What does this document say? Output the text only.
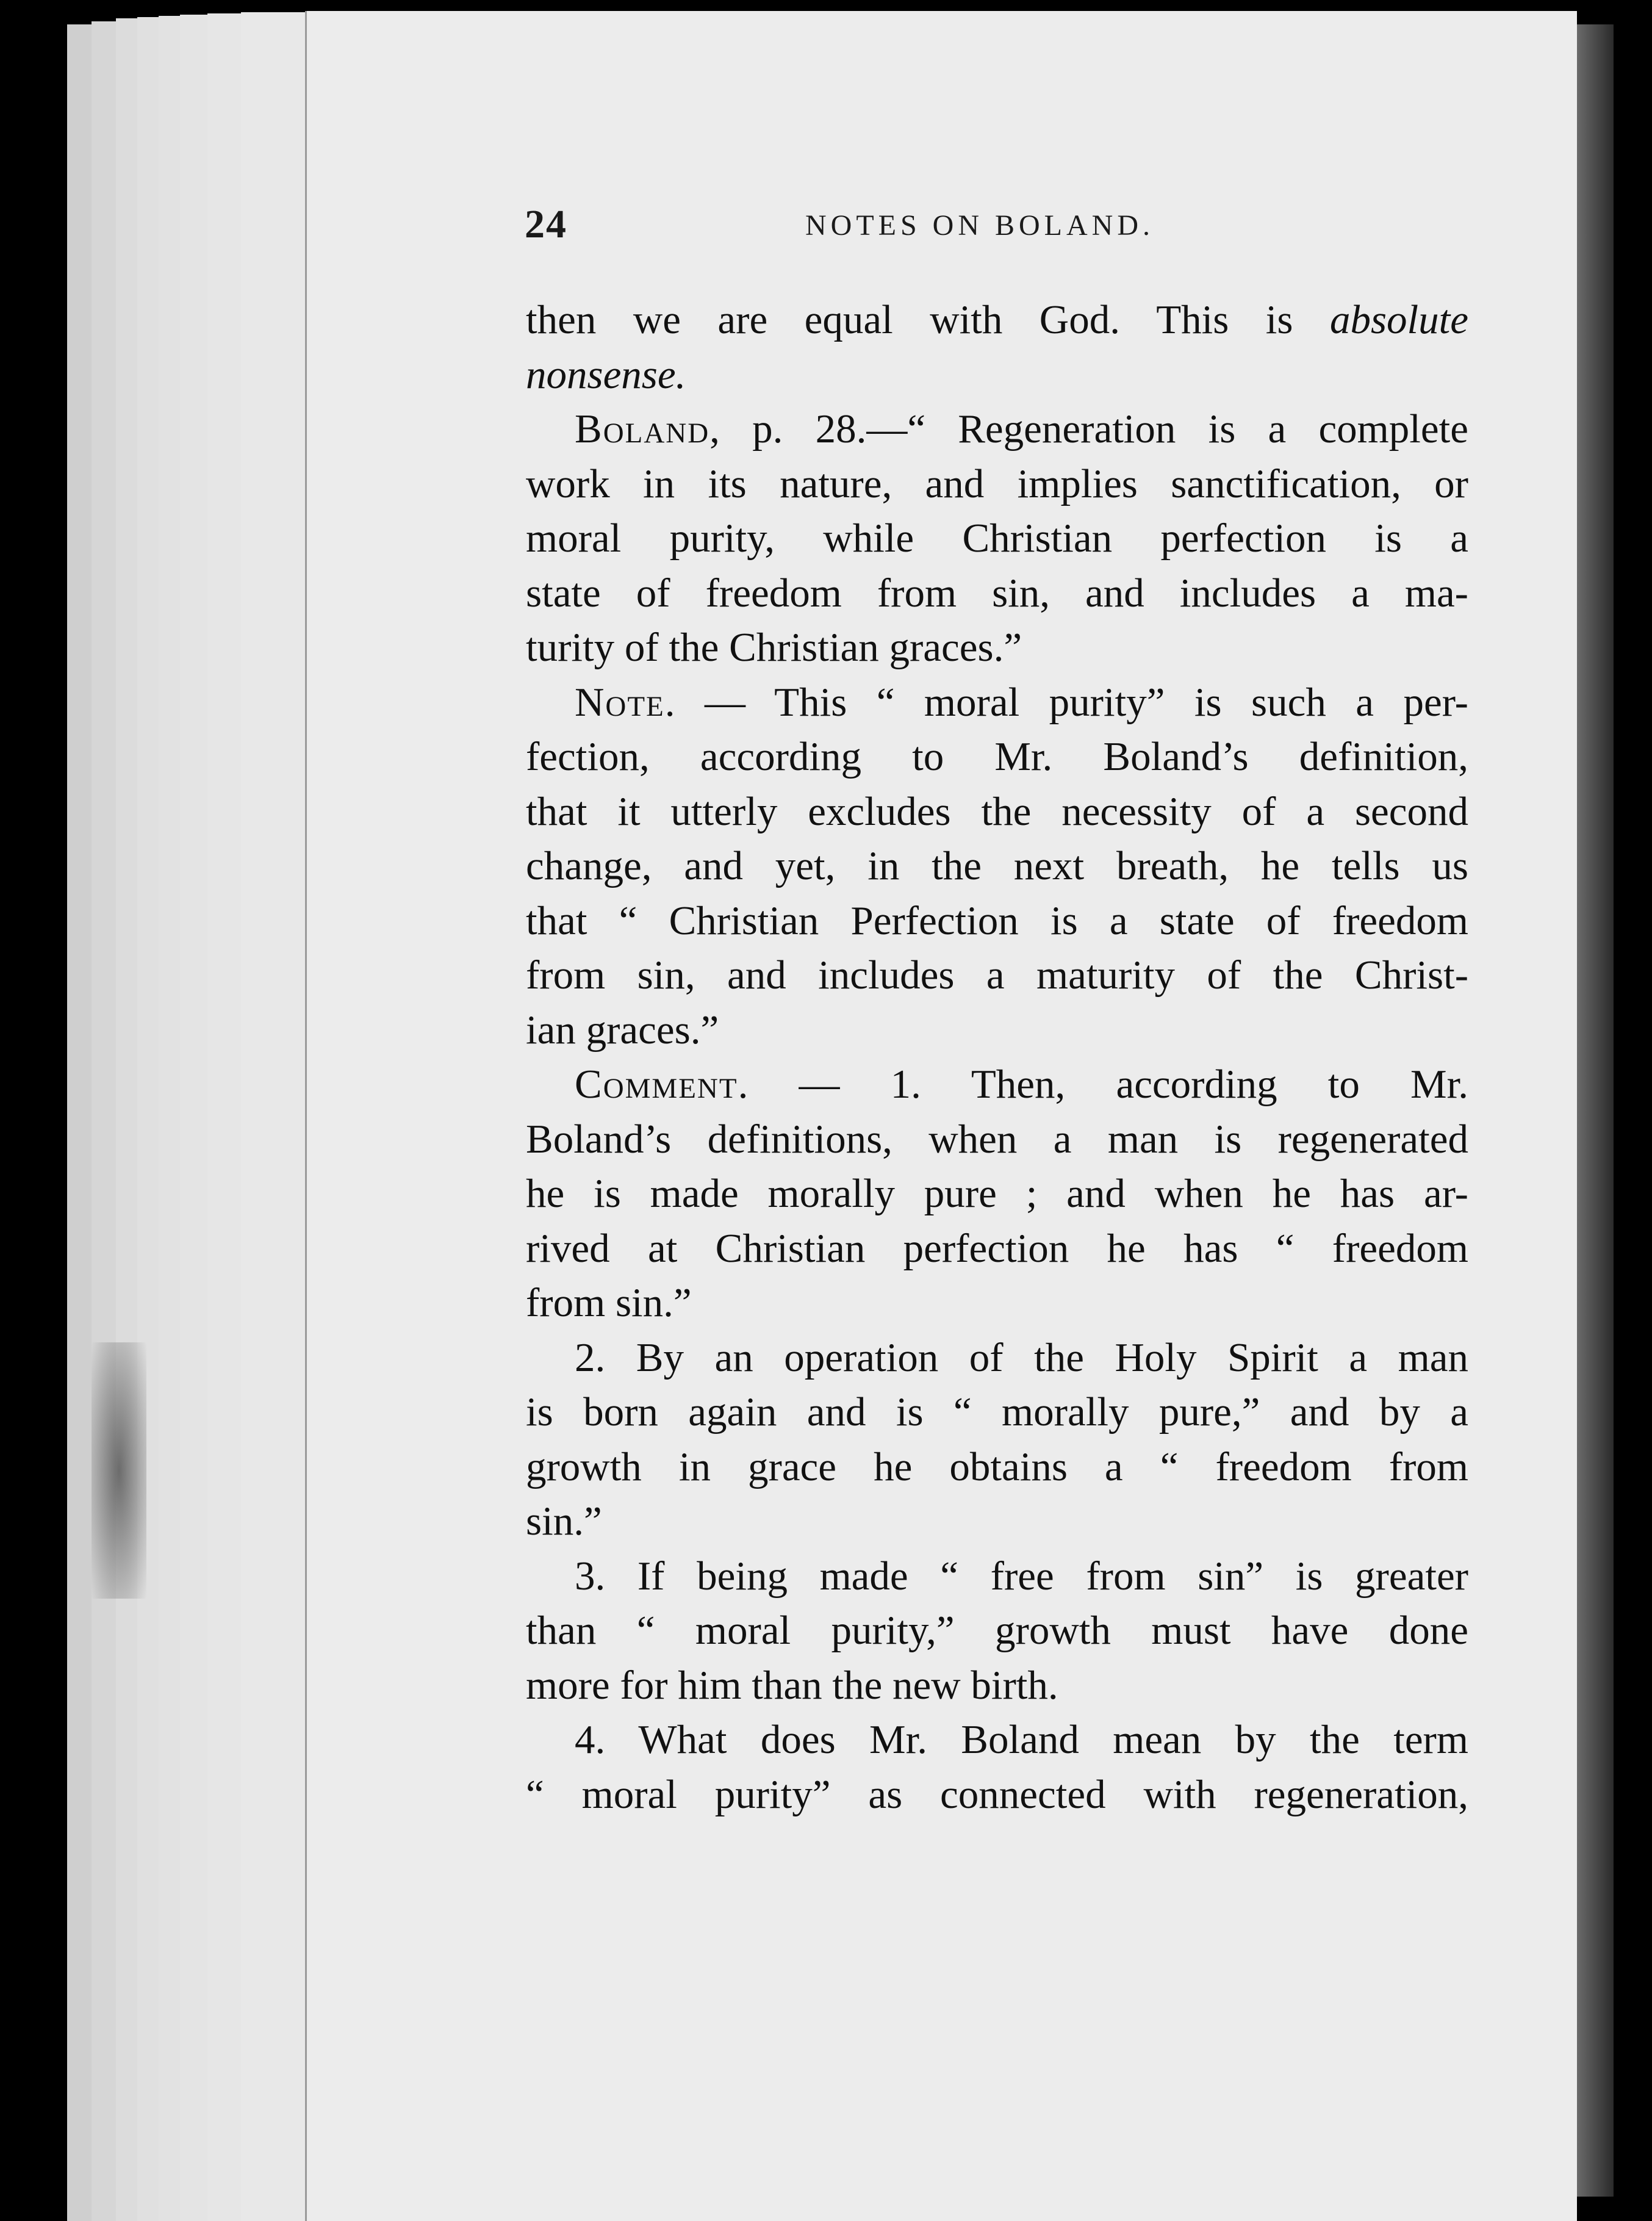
24	NOTES ON BOLAND.
then we are equal with God. This is absolute
nonsense.
Boland, p. 28.—“ Regeneration is a complete
work in its nature, and implies sanctification, or
moral purity, while Christian perfection is a
state of freedom from sin, and includes a ma-
turity of the Christian graces.”
Note. — This “ moral purity” is such a per-
fection, according to Mr. Boland’s definition,
that it utterly excludes the necessity of a second
change, and yet, in the next breath, he tells us
that “ Christian Perfection is a state of freedom
from sin, and includes a maturity of the Christ-
ian graces.”
Comment. — 1. Then, according to Mr.
Boland’s definitions, when a man is regenerated
he is made morally pure ; and when he has ar-
rived at Christian perfection he has “ freedom
from sin.”
2. By an operation of the Holy Spirit a man
is born again and is “ morally pure,” and by a
growth in grace he obtains a “ freedom from
sin.”
3. If being made “ free from sin” is greater
than “ moral purity,” growth must have done
more for him than the new birth.
4. What does Mr. Boland mean by the term
“ moral purity” as connected with regeneration,
